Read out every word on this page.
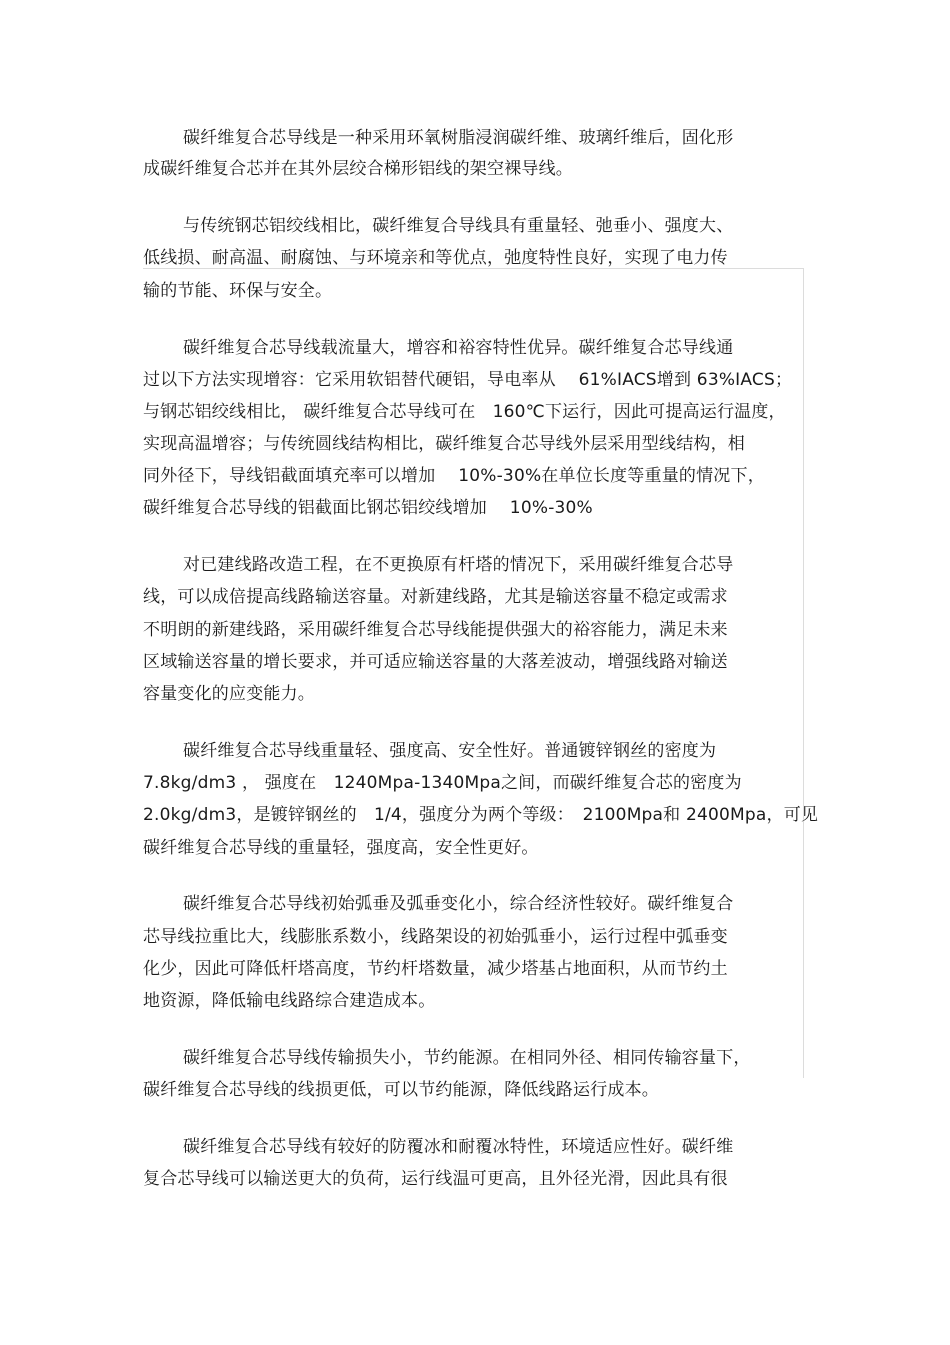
碳纤维复合芯导线是一种采用环氧树脂浸润碳纤维、玻璃纤维后，固化形
成碳纤维复合芯并在其外层绞合梯形铝线的架空裸导线。
与传统钢芯铝绞线相比，碳纤维复合导线具有重量轻、弛垂小、强度大、
低线损、耐高温、耐腐蚀、与环境亲和等优点，弛度特性良好，实现了电力传
输的节能、环保与安全。
碳纤维复合芯导线载流量大，增容和裕容特性优异。碳纤维复合芯导线通
过以下方法实现增容：它采用软铝替代硬铝，导电率从　 61%IACS增到 63%IACS；
与钢芯铝绞线相比， 碳纤维复合芯导线可在　160℃下运行，因此可提高运行温度，
实现高温增容；与传统圆线结构相比，碳纤维复合芯导线外层采用型线结构，相
同外径下，导线铝截面填充率可以增加　 10%-30%在单位长度等重量的情况下，
碳纤维复合芯导线的铝截面比钢芯铝绞线增加　 10%-30%
对已建线路改造工程，在不更换原有杆塔的情况下，采用碳纤维复合芯导
线，可以成倍提高线路输送容量。对新建线路，尤其是输送容量不稳定或需求
不明朗的新建线路，采用碳纤维复合芯导线能提供强大的裕容能力，满足未来
区域输送容量的增长要求，并可适应输送容量的大落差波动，增强线路对输送
容量变化的应变能力。
碳纤维复合芯导线重量轻、强度高、安全性好。普通镀锌钢丝的密度为
7.8kg/dm3 ， 强度在　1240Mpa-1340Mpa之间，而碳纤维复合芯的密度为
2.0kg/dm3，是镀锌钢丝的　1/4，强度分为两个等级：　2100Mpa和 2400Mpa，可见
碳纤维复合芯导线的重量轻，强度高，安全性更好。
碳纤维复合芯导线初始弧垂及弧垂变化小，综合经济性较好。碳纤维复合
芯导线拉重比大，线膨胀系数小，线路架设的初始弧垂小，运行过程中弧垂变
化少，因此可降低杆塔高度，节约杆塔数量，减少塔基占地面积，从而节约土
地资源，降低输电线路综合建造成本。
碳纤维复合芯导线传输损失小，节约能源。在相同外径、相同传输容量下，
碳纤维复合芯导线的线损更低，可以节约能源，降低线路运行成本。
碳纤维复合芯导线有较好的防覆冰和耐覆冰特性，环境适应性好。碳纤维
复合芯导线可以输送更大的负荷，运行线温可更高，且外径光滑，因此具有很
